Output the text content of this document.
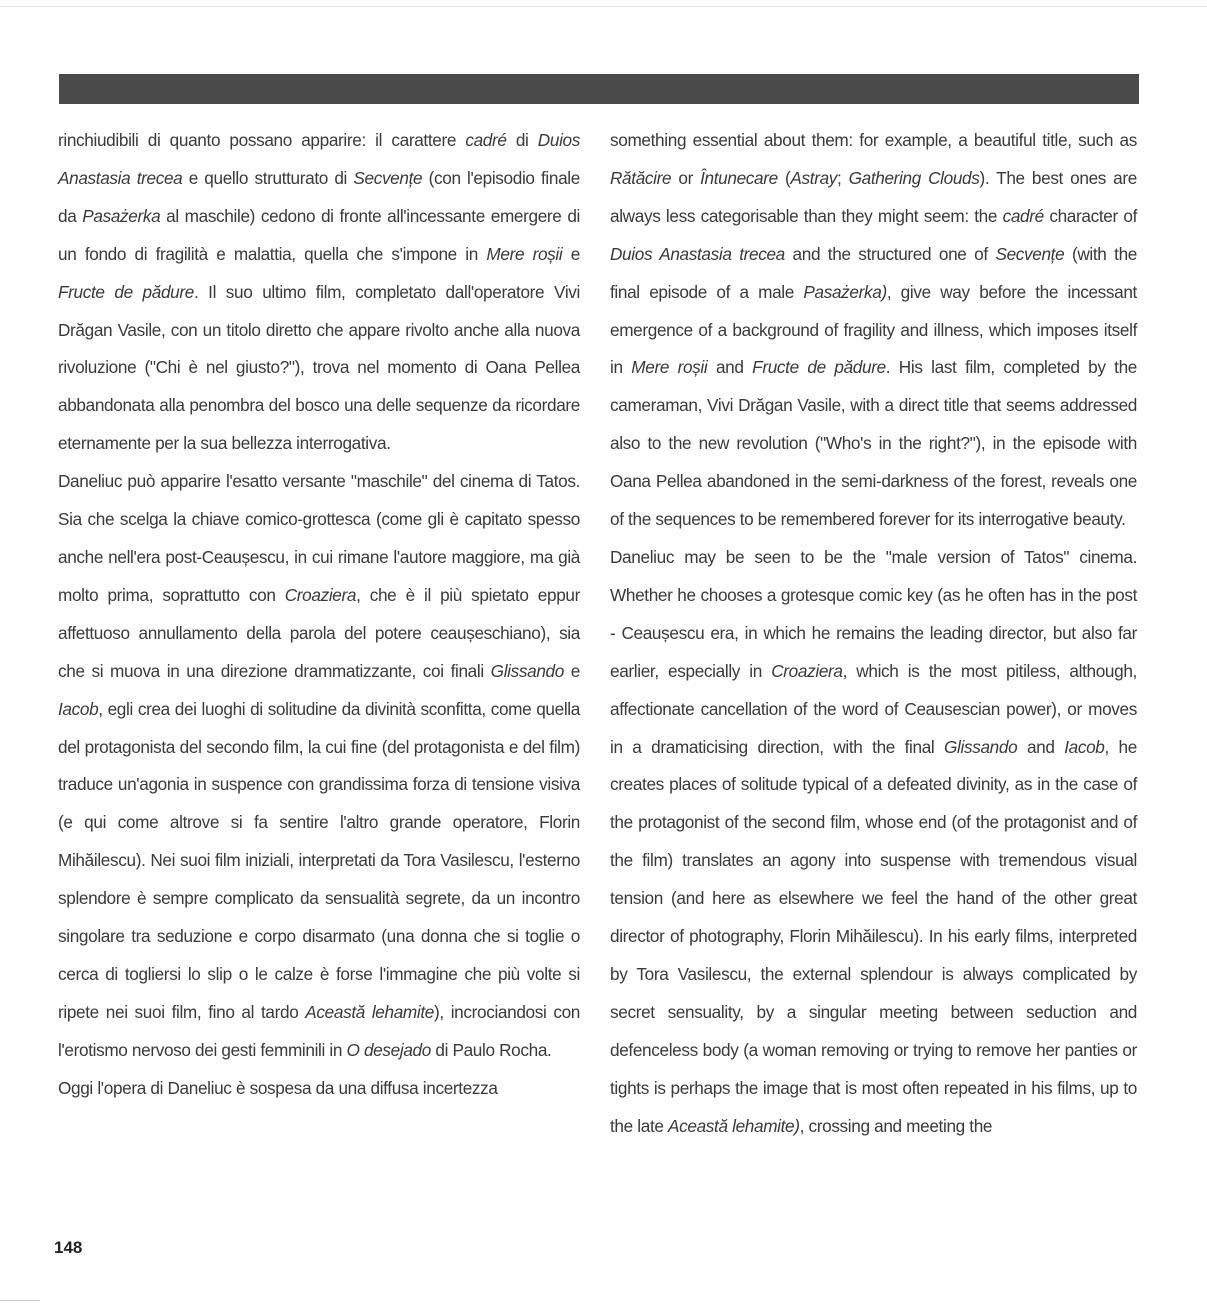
rinchiudibili di quanto possano apparire: il carattere cadré di Duios Anastasia trecea e quello strutturato di Secvențe (con l'episodio finale da Pasażerka al maschile) cedono di fronte all'incessante emergere di un fondo di fragilità e malattia, quella che s'impone in Mere roșii e Fructe de pădure. Il suo ultimo film, completato dall'operatore Vivi Drăgan Vasile, con un titolo diretto che appare rivolto anche alla nuova rivoluzione ("Chi è nel giusto?"), trova nel momento di Oana Pellea abbandonata alla penombra del bosco una delle sequenze da ricordare eternamente per la sua bellezza interrogativa.

Daneliuc può apparire l'esatto versante "maschile" del cinema di Tatos. Sia che scelga la chiave comico-grottesca (come gli è capitato spesso anche nell'era post-Ceaușescu, in cui rimane l'autore maggiore, ma già molto prima, soprattutto con Croaziera, che è il più spietato eppur affettuoso annullamento della parola del potere ceaușeschiano), sia che si muova in una direzione drammatizzante, coi finali Glissando e Iacob, egli crea dei luoghi di solitudine da divinità sconfitta, come quella del protagonista del secondo film, la cui fine (del protagonista e del film) traduce un'agonia in suspence con grandissima forza di tensione visiva (e qui come altrove si fa sentire l'altro grande operatore, Florin Mihăilescu). Nei suoi film iniziali, interpretati da Tora Vasilescu, l'esterno splendore è sempre complicato da sensualità segrete, da un incontro singolare tra seduzione e corpo disarmato (una donna che si toglie o cerca di togliersi lo slip o le calze è forse l'immagine che più volte si ripete nei suoi film, fino al tardo Această lehamite), incrociandosi con l'erotismo nervoso dei gesti femminili in O desejado di Paulo Rocha.

Oggi l'opera di Daneliuc è sospesa da una diffusa incertezza

something essential about them: for example, a beautiful title, such as Rătăcire or Întunecare (Astray; Gathering Clouds). The best ones are always less categorisable than they might seem: the cadré character of Duios Anastasia trecea and the structured one of Secvențe (with the final episode of a male Pasażerka), give way before the incessant emergence of a background of fragility and illness, which imposes itself in Mere roșii and Fructe de pădure. His last film, completed by the cameraman, Vivi Drăgan Vasile, with a direct title that seems addressed also to the new revolution ("Who's in the right?"), in the episode with Oana Pellea abandoned in the semi-darkness of the forest, reveals one of the sequences to be remembered forever for its interrogative beauty.

Daneliuc may be seen to be the "male version of Tatos" cinema. Whether he chooses a grotesque comic key (as he often has in the post - Ceaușescu era, in which he remains the leading director, but also far earlier, especially in Croaziera, which is the most pitiless, although, affectionate cancellation of the word of Ceausescian power), or moves in a dramaticising direction, with the final Glissando and Iacob, he creates places of solitude typical of a defeated divinity, as in the case of the protagonist of the second film, whose end (of the protagonist and of the film) translates an agony into suspense with tremendous visual tension (and here as elsewhere we feel the hand of the other great director of photography, Florin Mihăilescu). In his early films, interpreted by Tora Vasilescu, the external splendour is always complicated by secret sensuality, by a singular meeting between seduction and defenceless body (a woman removing or trying to remove her panties or tights is perhaps the image that is most often repeated in his films, up to the late Această lehamite), crossing and meeting the

148
